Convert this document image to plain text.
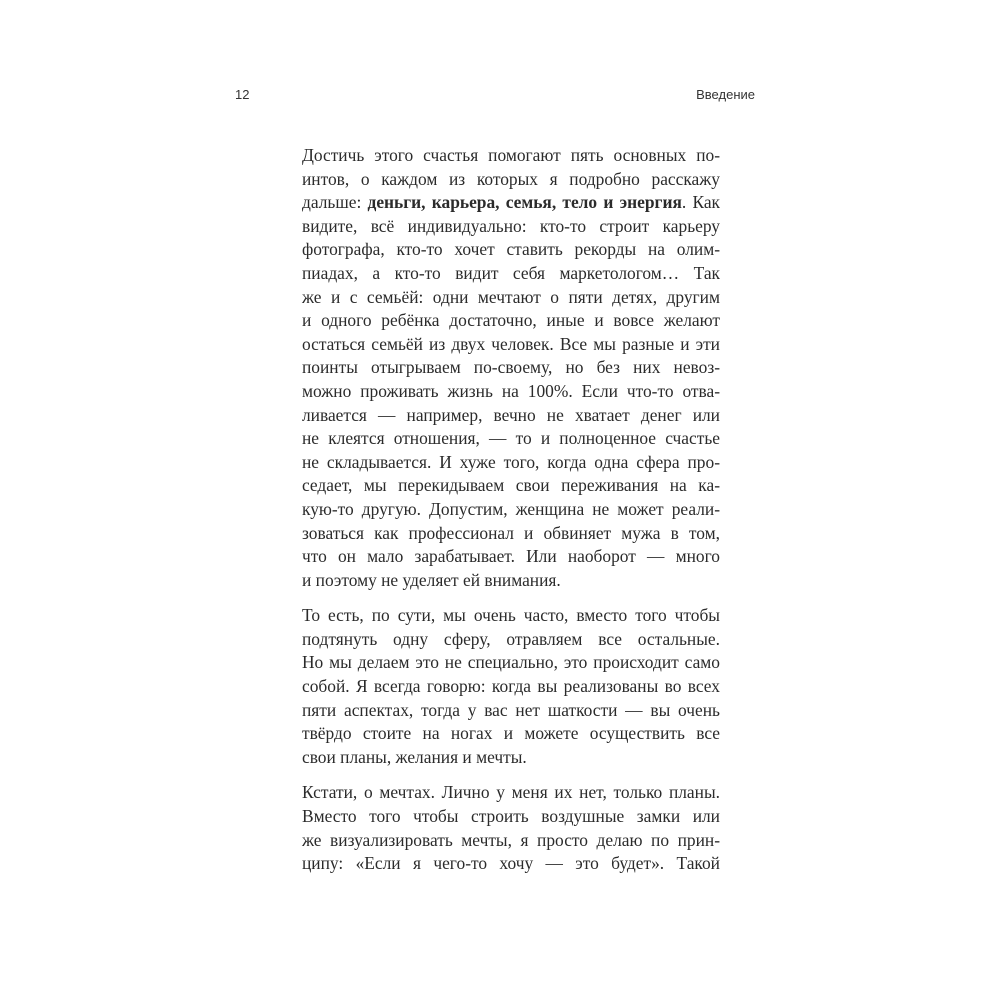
12	Введение
Достичь этого счастья помогают пять основных по-
интов, о каждом из которых я подробно расскажу
дальше: деньги, карьера, семья, тело и энергия. Как
видите, всё индивидуально: кто-то строит карьеру
фотографа, кто-то хочет ставить рекорды на олим-
пиадах, а кто-то видит себя маркетологом… Так
же и с семьёй: одни мечтают о пяти детях, другим
и одного ребёнка достаточно, иные и вовсе желают
остаться семьёй из двух человек. Все мы разные и эти
поинты отыгрываем по-своему, но без них невоз-
можно проживать жизнь на 100%. Если что-то отва-
ливается — например, вечно не хватает денег или
не клеятся отношения, — то и полноценное счастье
не складывается. И хуже того, когда одна сфера про-
седает, мы перекидываем свои переживания на ка-
кую-то другую. Допустим, женщина не может реали-
зоваться как профессионал и обвиняет мужа в том,
что он мало зарабатывает. Или наоборот — много
и поэтому не уделяет ей внимания.
То есть, по сути, мы очень часто, вместо того чтобы
подтянуть одну сферу, отравляем все остальные.
Но мы делаем это не специально, это происходит само
собой. Я всегда говорю: когда вы реализованы во всех
пяти аспектах, тогда у вас нет шаткости — вы очень
твёрдо стоите на ногах и можете осуществить все
свои планы, желания и мечты.
Кстати, о мечтах. Лично у меня их нет, только планы.
Вместо того чтобы строить воздушные замки или
же визуализировать мечты, я просто делаю по прин-
ципу: «Если я чего-то хочу — это будет». Такой
